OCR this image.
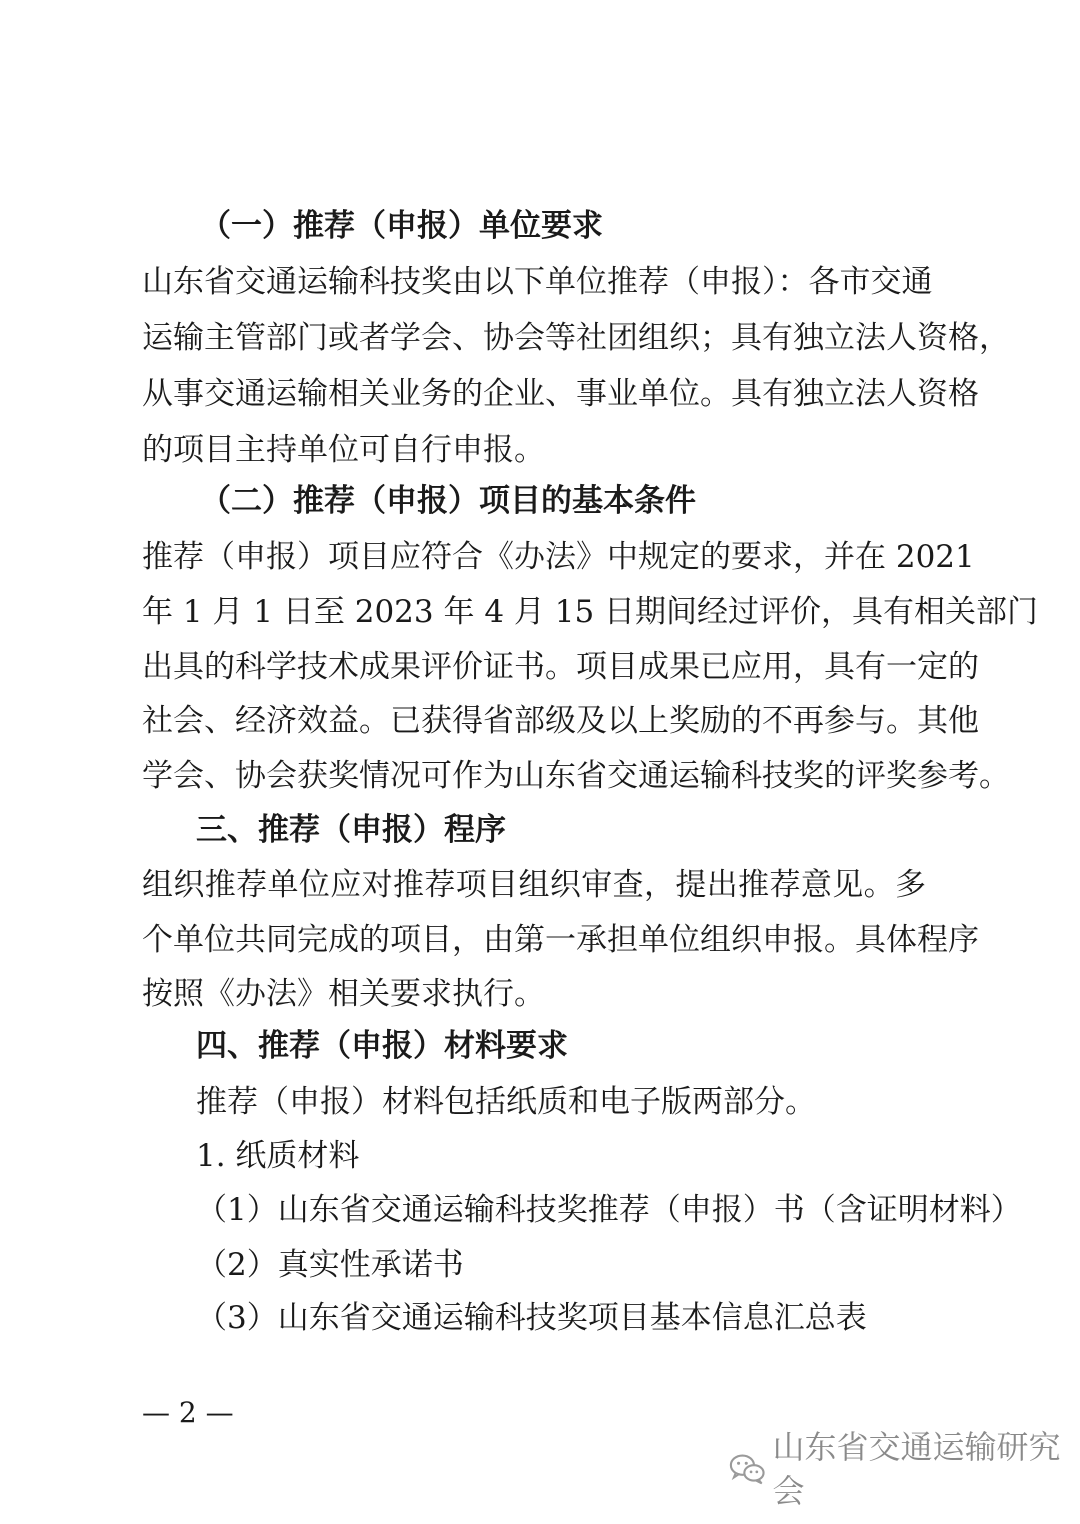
（一）推荐（申报）单位要求
山东省交通运输科技奖由以下单位推荐（申报）：各市交通
运输主管部门或者学会、协会等社团组织；具有独立法人资格，
从事交通运输相关业务的企业、事业单位。具有独立法人资格
的项目主持单位可自行申报。
（二）推荐（申报）项目的基本条件
推荐（申报）项目应符合《办法》中规定的要求，并在 2021
年 1 月 1 日至 2023 年 4 月 15 日期间经过评价，具有相关部门
出具的科学技术成果评价证书。项目成果已应用，具有一定的
社会、经济效益。已获得省部级及以上奖励的不再参与。其他
学会、协会获奖情况可作为山东省交通运输科技奖的评奖参考。
三、推荐（申报）程序
组织推荐单位应对推荐项目组织审查，提出推荐意见。多
个单位共同完成的项目，由第一承担单位组织申报。具体程序
按照《办法》相关要求执行。
四、推荐（申报）材料要求
推荐（申报）材料包括纸质和电子版两部分。
1. 纸质材料
（1）山东省交通运输科技奖推荐（申报）书（含证明材料）
（2）真实性承诺书
（3）山东省交通运输科技奖项目基本信息汇总表
— 2 —
山东省交通运输研究会
